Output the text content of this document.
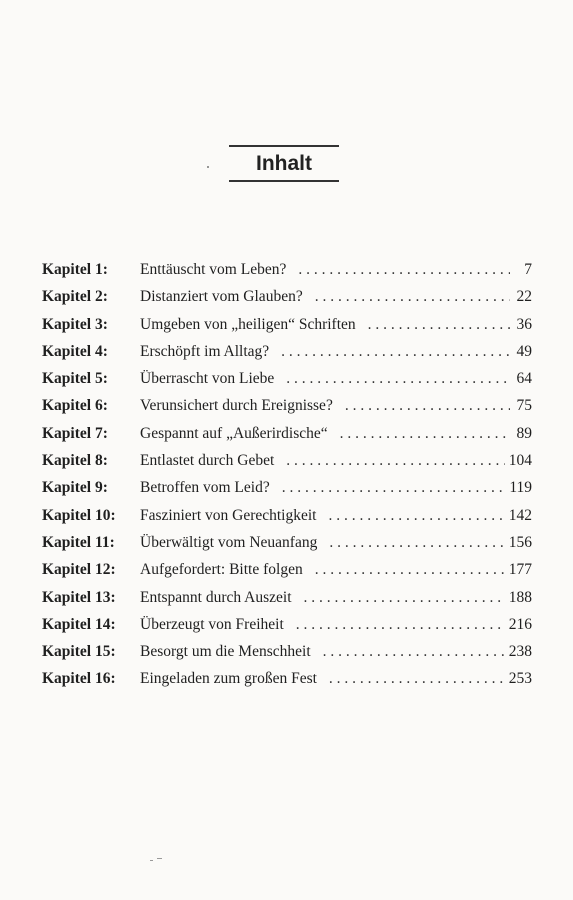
Inhalt
Kapitel 1:	Enttäuscht vom Leben? . . .	7
Kapitel 2:	Distanziert vom Glauben? . . .	22
Kapitel 3:	Umgeben von „heiligen“ Schriften . . .	36
Kapitel 4:	Erschöpft im Alltag? . . .	49
Kapitel 5:	Überrascht von Liebe . . .	64
Kapitel 6:	Verunsichert durch Ereignisse? . . .	75
Kapitel 7:	Gespannt auf „Außerirdische“ . . .	89
Kapitel 8:	Entlastet durch Gebet . . .	104
Kapitel 9:	Betroffen vom Leid? . . .	119
Kapitel 10:	Fasziniert von Gerechtigkeit . . .	142
Kapitel 11:	Überwältigt vom Neuanfang . . .	156
Kapitel 12:	Aufgefordert: Bitte folgen . . .	177
Kapitel 13:	Entspannt durch Auszeit . . .	188
Kapitel 14:	Überzeugt von Freiheit . . .	216
Kapitel 15:	Besorgt um die Menschheit . . .	238
Kapitel 16:	Eingeladen zum großen Fest . . .	253
